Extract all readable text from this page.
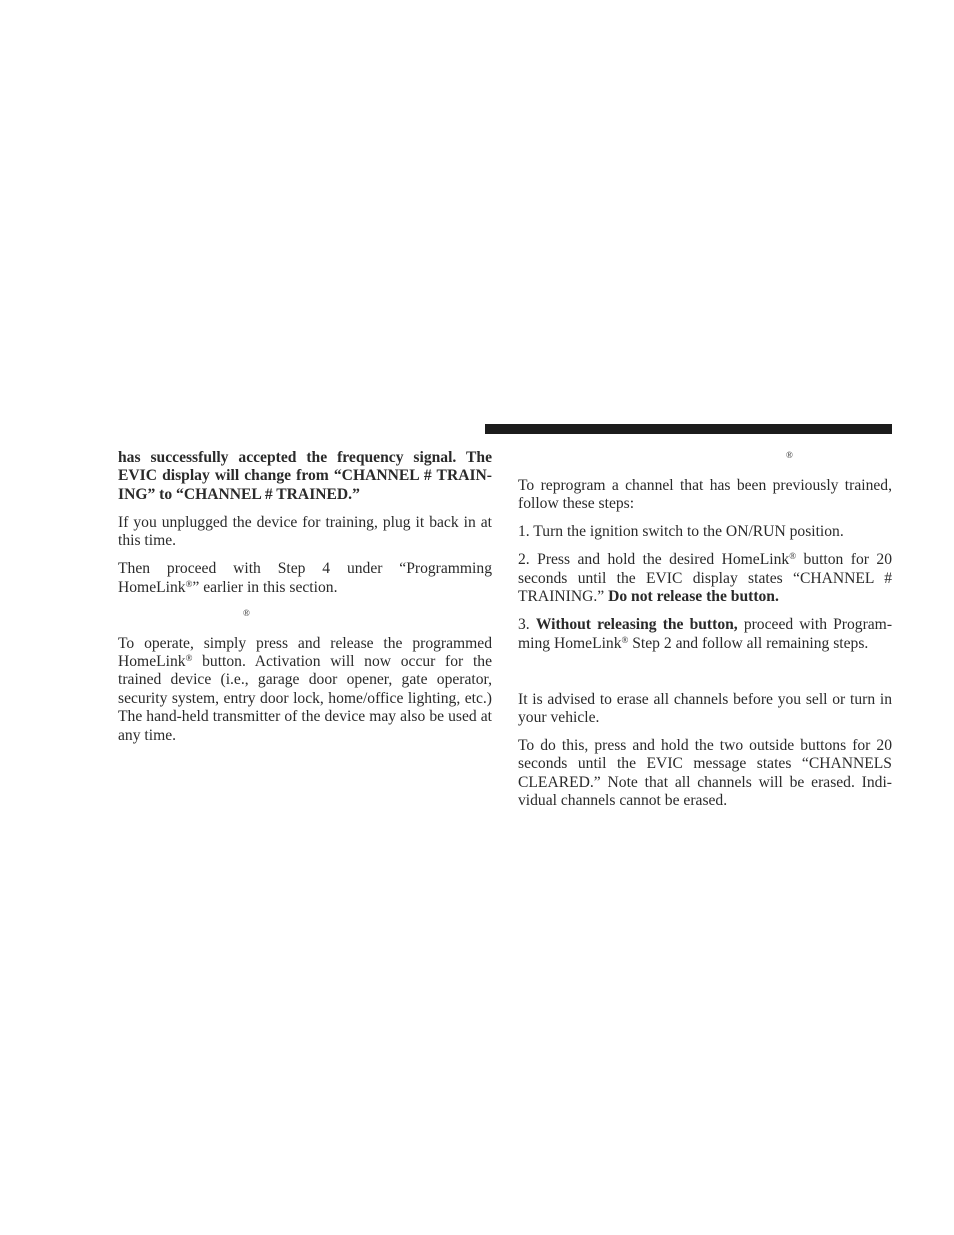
has successfully accepted the frequency signal. The EVIC display will change from “CHANNEL # TRAIN- ING” to “CHANNEL # TRAINED.”

If you unplugged the device for training, plug it back in at this time.

Then proceed with Step 4 under “Programming HomeLink®” earlier in this section.

®

To operate, simply press and release the programmed HomeLink® button. Activation will now occur for the trained device (i.e., garage door opener, gate operator, security system, entry door lock, home/office lighting, etc.) The hand-held transmitter of the device may also be used at any time.

®

To reprogram a channel that has been previously trained, follow these steps:

1. Turn the ignition switch to the ON/RUN position.

2. Press and hold the desired HomeLink® button for 20 seconds until the EVIC display states “CHANNEL # TRAINING.” Do not release the button.

3. Without releasing the button, proceed with Program- ming HomeLink® Step 2 and follow all remaining steps.

It is advised to erase all channels before you sell or turn in your vehicle.

To do this, press and hold the two outside buttons for 20 seconds until the EVIC message states “CHANNELS CLEARED.” Note that all channels will be erased. Indi- vidual channels cannot be erased.
